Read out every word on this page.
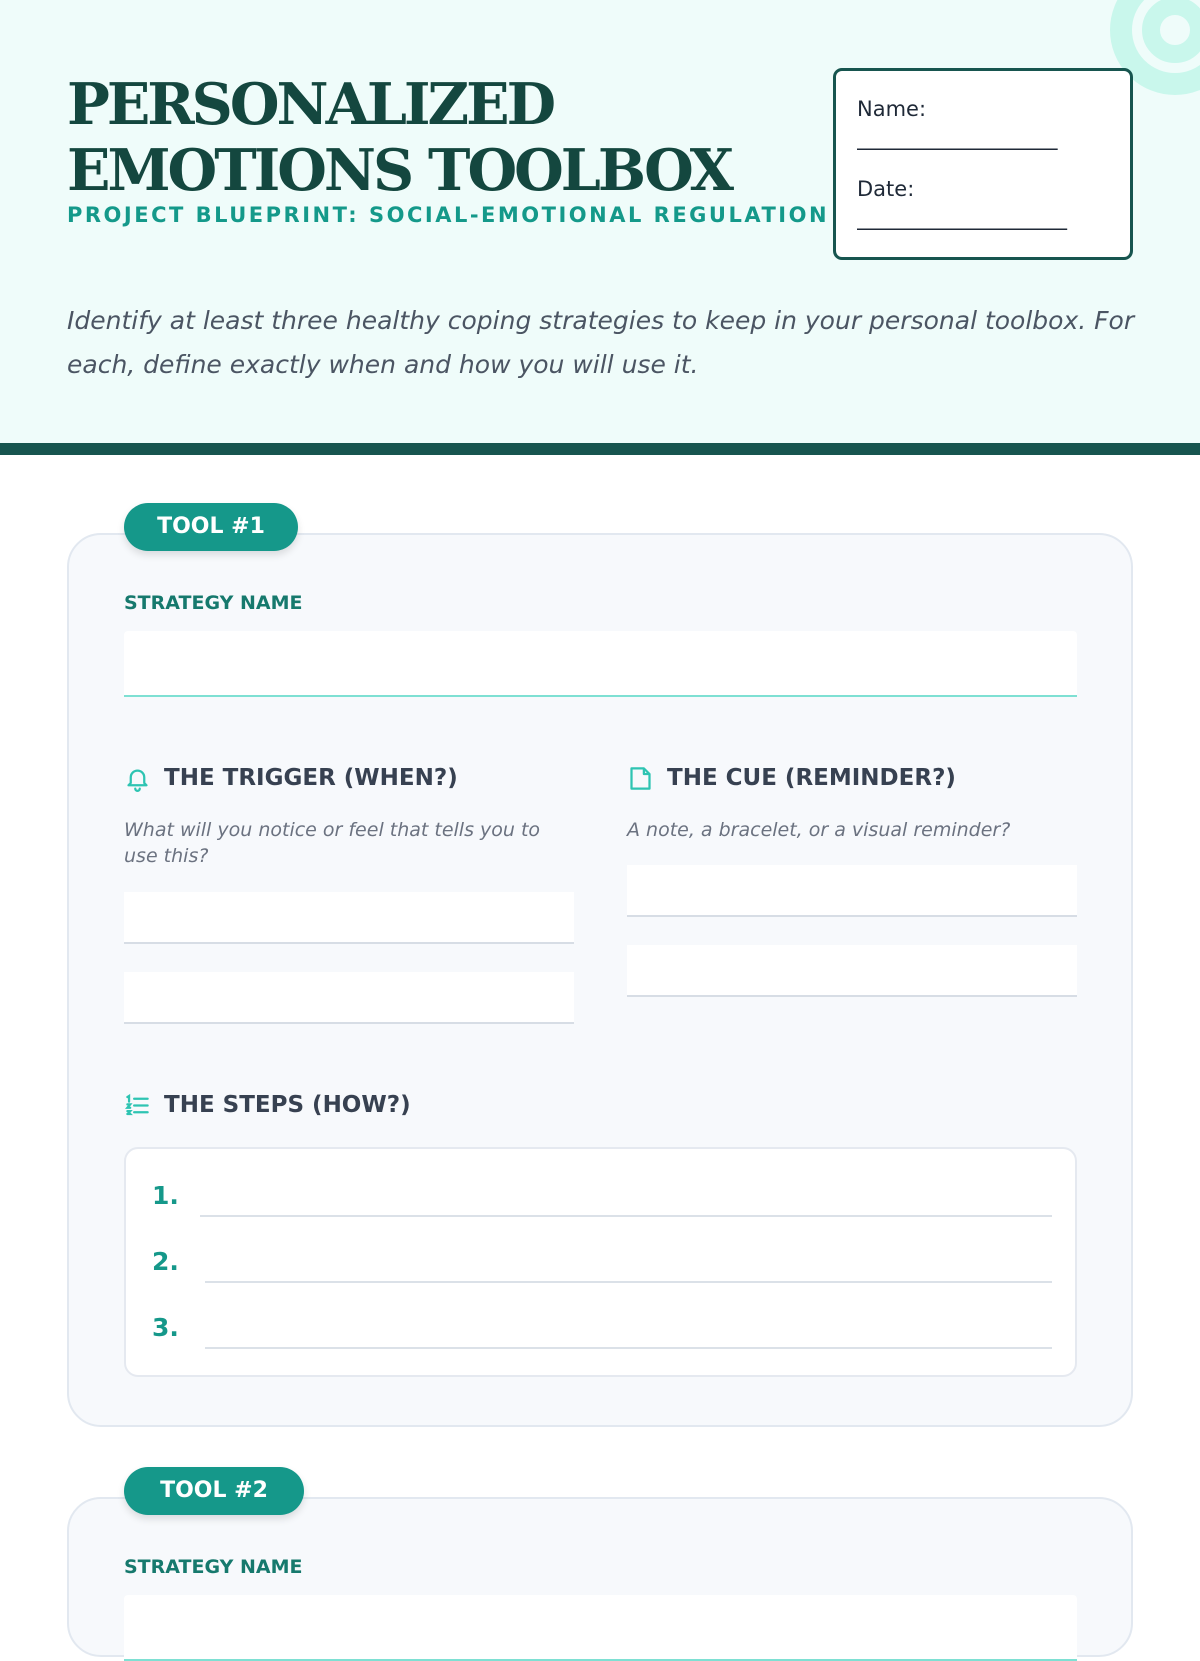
PERSONALIZED EMOTIONS TOOLBOX

PROJECT BLUEPRINT: SOCIAL-EMOTIONAL REGULATION

Name:
_____________________
Date:
______________________

Identify at least three healthy coping strategies to keep in your personal toolbox. For each, define exactly when and how you will use it.

STRATEGY NAME
THE TRIGGER (WHEN?)

What will you notice or feel that tells you to use this?

THE CUE (REMINDER?)

A note, a bracelet, or a visual reminder?

THE STEPS (HOW?)
1.
2.
3.
TOOL #1
STRATEGY NAME
TOOL #2
